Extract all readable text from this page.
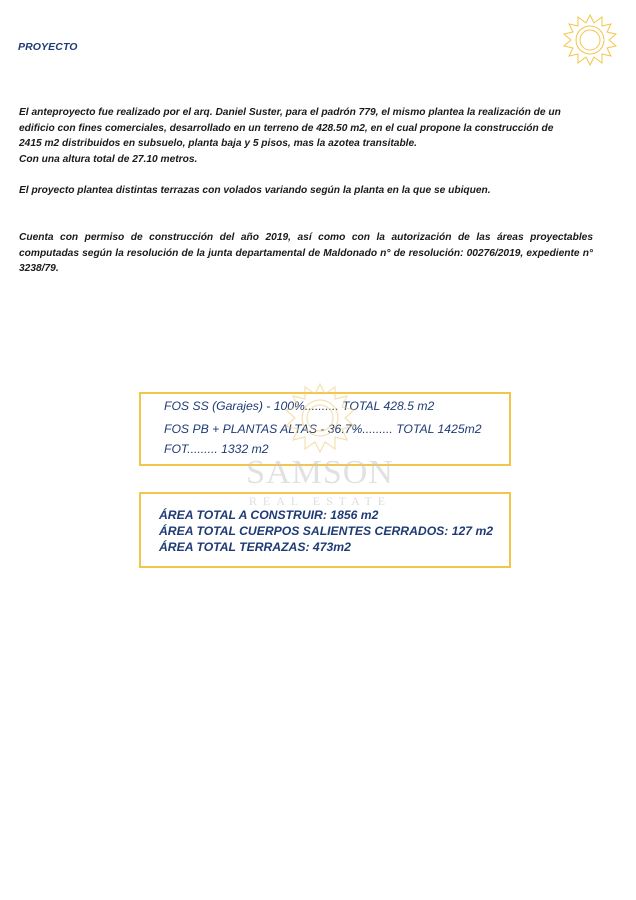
PROYECTO
El anteproyecto fue realizado por el arq. Daniel Suster, para el padrón 779, el mismo plantea la realización de un
edificio con fines comerciales, desarrollado en un terreno de 428.50 m2, en el cual propone la construcción de
2415 m2 distribuidos en subsuelo, planta baja y 5 pisos, mas la azotea transitable.
Con una altura total de 27.10 metros.

El proyecto plantea distintas terrazas con volados variando según la planta en la que se ubiquen.

Cuenta con permiso de construcción del año 2019, así como con la autorización de las áreas proyectables computadas según la resolución de la junta departamental de Maldonado n° de resolución: 00276/2019, expediente n° 3238/79.

FOS SS (Garajes) - 100%.......... TOTAL 428.5 m2
FOS PB + PLANTAS ALTAS - 36.7%......... TOTAL 1425m2
FOT......... 1332 m2
ÁREA TOTAL A CONSTRUIR: 1856 m2
ÁREA TOTAL CUERPOS SALIENTES CERRADOS: 127 m2
ÁREA TOTAL TERRAZAS: 473m2
SAMSON
REAL ESTATE
